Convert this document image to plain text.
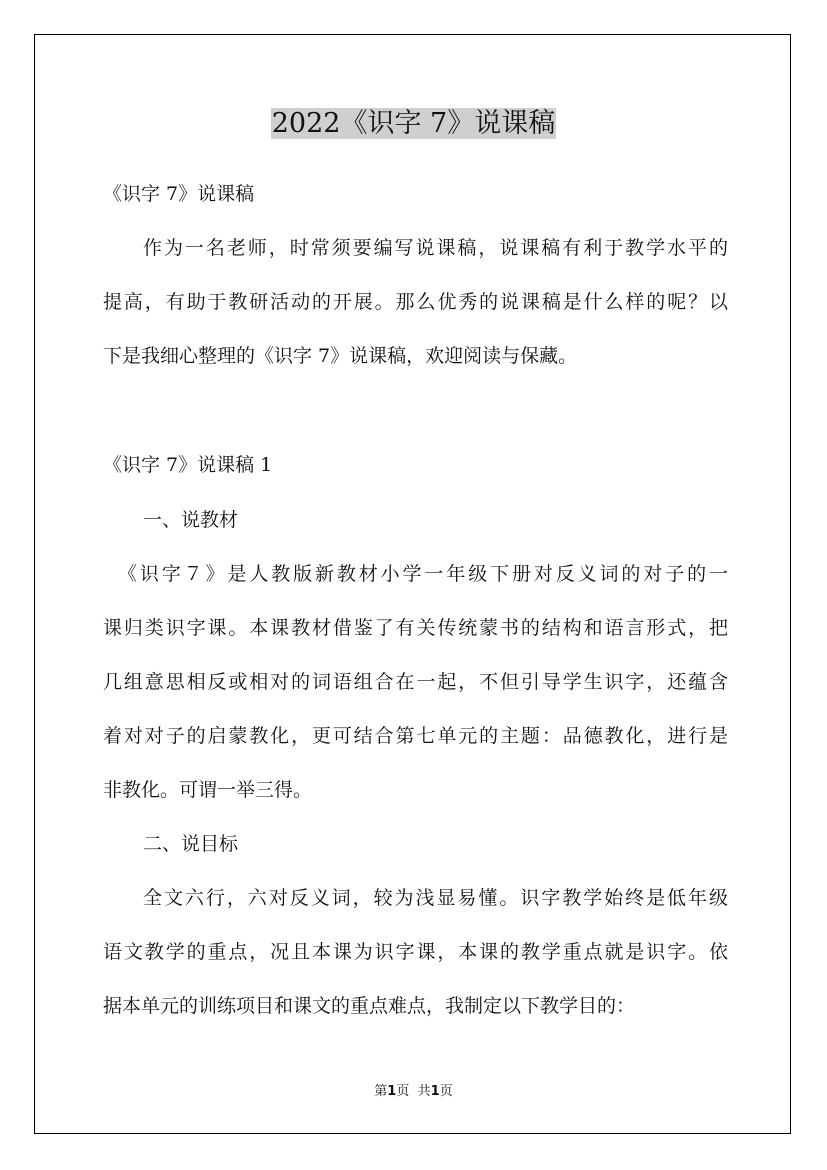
2022《识字 7》说课稿

《识字 7》说课稿

作为一名老师，时常须要编写说课稿，说课稿有利于教学水平的

提高，有助于教研活动的开展。那么优秀的说课稿是什么样的呢？以

下是我细心整理的《识字 7》说课稿，欢迎阅读与保藏。

《识字 7》说课稿 1

一、说教材

《识字７》是人教版新教材小学一年级下册对反义词的对子的一

课归类识字课。本课教材借鉴了有关传统蒙书的结构和语言形式，把

几组意思相反或相对的词语组合在一起，不但引导学生识字，还蕴含

着对对子的启蒙教化，更可结合第七单元的主题：品德教化，进行是

非教化。可谓一举三得。

二、说目标

全文六行，六对反义词，较为浅显易懂。识字教学始终是低年级

语文教学的重点，况且本课为识字课，本课的教学重点就是识字。依

据本单元的训练项目和课文的重点难点，我制定以下教学目的：

第1页 共1页
